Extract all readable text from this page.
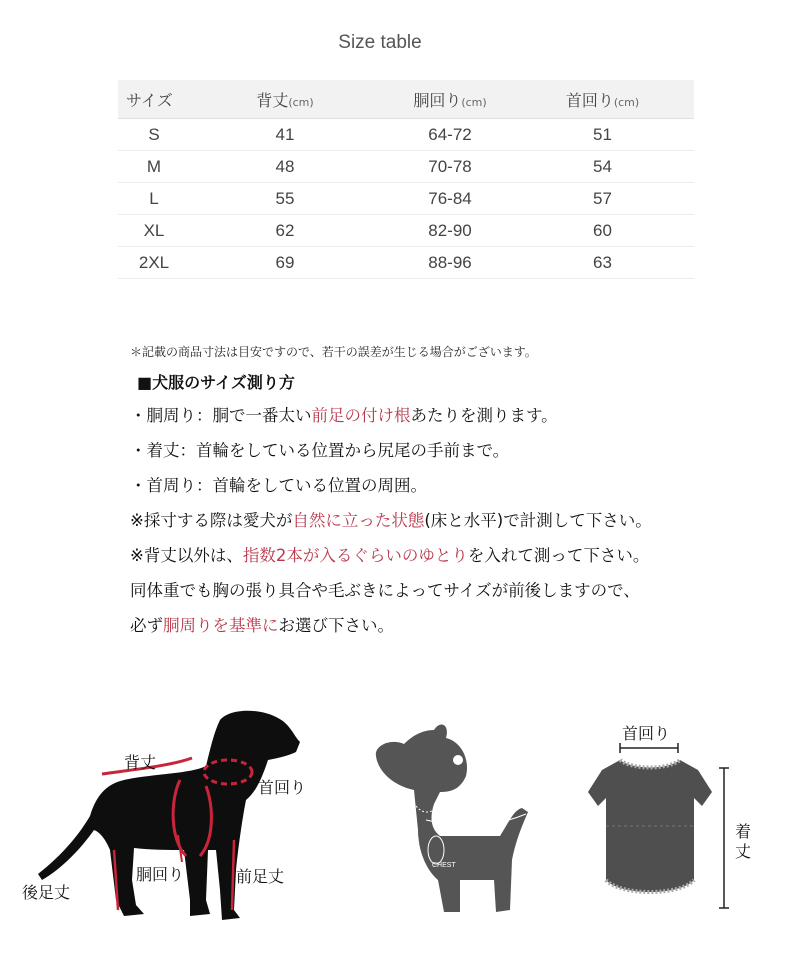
Size table
サイズ	背丈(cm)	胴回り(cm)	首回り(cm)
S	41	64-72	51
M	48	70-78	54
L	55	76-84	57
XL	62	82-90	60
2XL	69	88-96	63
＊記載の商品寸法は目安ですので、若干の誤差が生じる場合がございます。
■犬服のサイズ測り方
・胴周り：胴で一番太い前足の付け根あたりを測ります。
・着丈：首輪をしている位置から尻尾の手前まで。
・首周り：首輪をしている位置の周囲。
※採寸する際は愛犬が自然に立った状態(床と水平)で計測して下さい。
※背丈以外は、指数2本が入るぐらいのゆとりを入れて測って下さい。
同体重でも胸の張り具合や毛ぶきによってサイズが前後しますので、
必ず胴周りを基準にお選び下さい。
背丈
首回り
胴回り	前足丈
後足丈
LENGTH
NECK
CHEST
首回り
着丈
